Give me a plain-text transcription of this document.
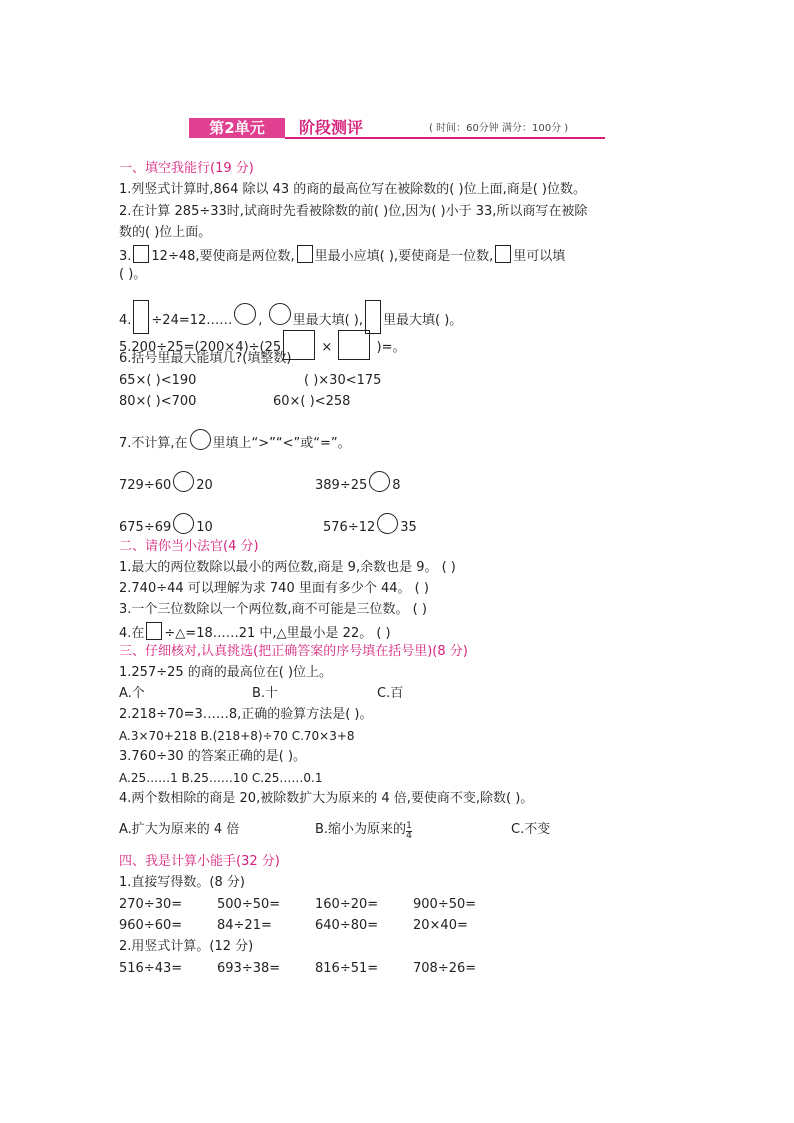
第2单元	阶段测评	( 时间：60分钟 满分：100分 )
一、填空我能行(19 分)
1.列竖式计算时,864 除以 43 的商的最高位写在被除数的( )位上面,商是( )位数。
2.在计算 285÷33时,试商时先看被除数的前( )位,因为( )小于 33,所以商写在被除
数的( )位上面。
3. 12÷48,要使商是两位数, 里最小应填( ),要使商是一位数, 里可以填
( )。
4. ÷24=12…… , 里最大填( ), 里最大填( )。
5.200÷25=(200×4)÷(25	×	)=。
6.括号里最大能填几?(填整数)
65×( )<190	( )×30<175
80×( )<700	60×( )<258
7.不计算,在 里填上“>”“<”或“=”。
729÷60 20	389÷25 8
675÷69 10	576÷12 35
二、请你当小法官(4 分)
1.最大的两位数除以最小的两位数,商是 9,余数也是 9。 ( )
2.740÷44 可以理解为求 740 里面有多少个 44。 ( )
3.一个三位数除以一个两位数,商不可能是三位数。 ( )
4.在 ÷△=18……21 中,△里最小是 22。 ( )
三、仔细核对,认真挑选(把正确答案的序号填在括号里)(8 分)
1.257÷25 的商的最高位在( )位上。
A.个	B.十	C.百
2.218÷70=3……8,正确的验算方法是( )。
A.3×70+218 B.(218+8)÷70 C.70×3+8
3.760÷30 的答案正确的是( )。
A.25……1 B.25……10 C.25……0.1
4.两个数相除的商是 20,被除数扩大为原来的 4 倍,要使商不变,除数( )。
A.扩大为原来的 4 倍	B.缩小为原来的 $\frac{1}{4}$	C.不变
四、我是计算小能手(32 分)
1.直接写得数。(8 分)
270÷30=	500÷50=	160÷20=	900÷50=
960÷60=	84÷21=	640÷80=	20×40=
2.用竖式计算。(12 分)
516÷43=	693÷38=	816÷51=	708÷26=
